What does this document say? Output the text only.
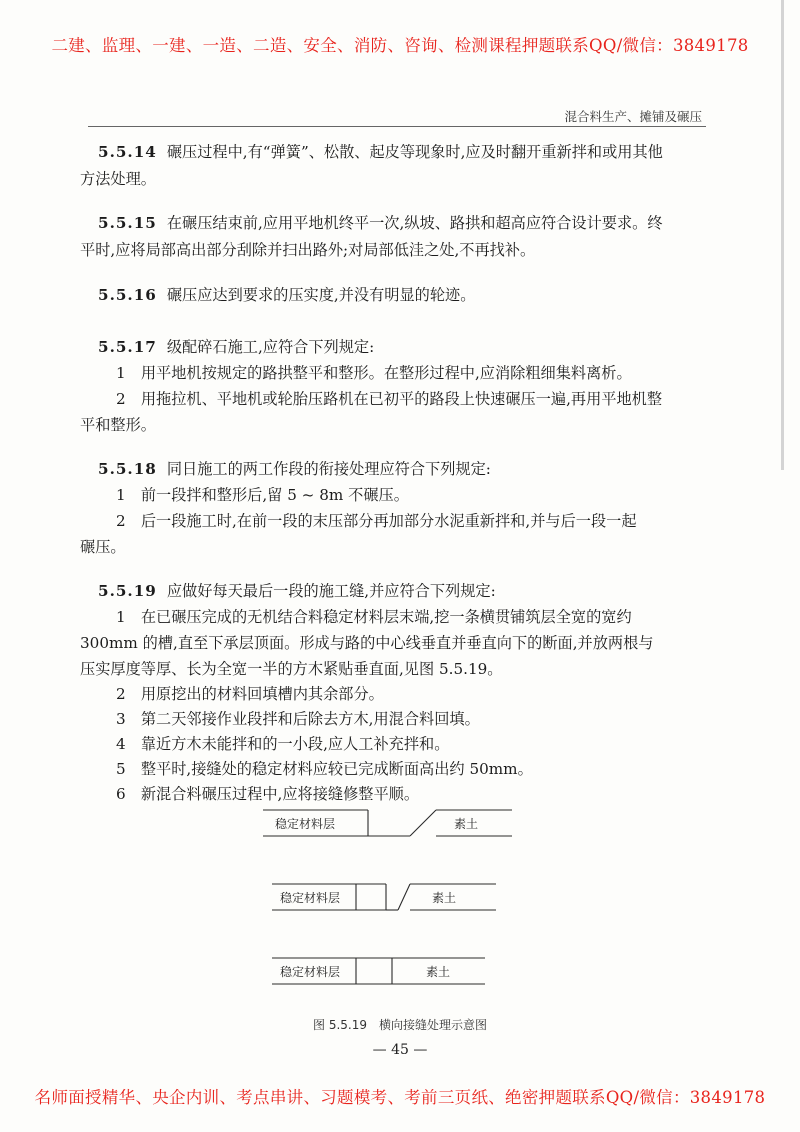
二建、监理、一建、一造、二造、安全、消防、咨询、检测课程押题联系QQ/微信：3849178
混合料生产、摊铺及碾压
5.5.14 碾压过程中,有“弹簧”、松散、起皮等现象时,应及时翻开重新拌和或用其他
方法处理。
5.5.15 在碾压结束前,应用平地机终平一次,纵坡、路拱和超高应符合设计要求。终
平时,应将局部高出部分刮除并扫出路外;对局部低洼之处,不再找补。
5.5.16 碾压应达到要求的压实度,并没有明显的轮迹。
5.5.17 级配碎石施工,应符合下列规定:
1　用平地机按规定的路拱整平和整形。在整形过程中,应消除粗细集料离析。
2　用拖拉机、平地机或轮胎压路机在已初平的路段上快速碾压一遍,再用平地机整
平和整形。
5.5.18 同日施工的两工作段的衔接处理应符合下列规定:
1　前一段拌和整形后,留 5 ~ 8m 不碾压。
2　后一段施工时,在前一段的末压部分再加部分水泥重新拌和,并与后一段一起
碾压。
5.5.19 应做好每天最后一段的施工缝,并应符合下列规定:
1　在已碾压完成的无机结合料稳定材料层末端,挖一条横贯铺筑层全宽的宽约
300mm 的槽,直至下承层顶面。形成与路的中心线垂直并垂直向下的断面,并放两根与
压实厚度等厚、长为全宽一半的方木紧贴垂直面,见图 5.5.19。
2　用原挖出的材料回填槽内其余部分。
3　第二天邻接作业段拌和后除去方木,用混合料回填。
4　靠近方木未能拌和的一小段,应人工补充拌和。
5　整平时,接缝处的稳定材料应较已完成断面高出约 50mm。
6　新混合料碾压过程中,应将接缝修整平顺。
稳定材料层	素土
稳定材料层	素土
稳定材料层	素土
图 5.5.19　横向接缝处理示意图
— 45 —
名师面授精华、央企内训、考点串讲、习题模考、考前三页纸、绝密押题联系QQ/微信：3849178
